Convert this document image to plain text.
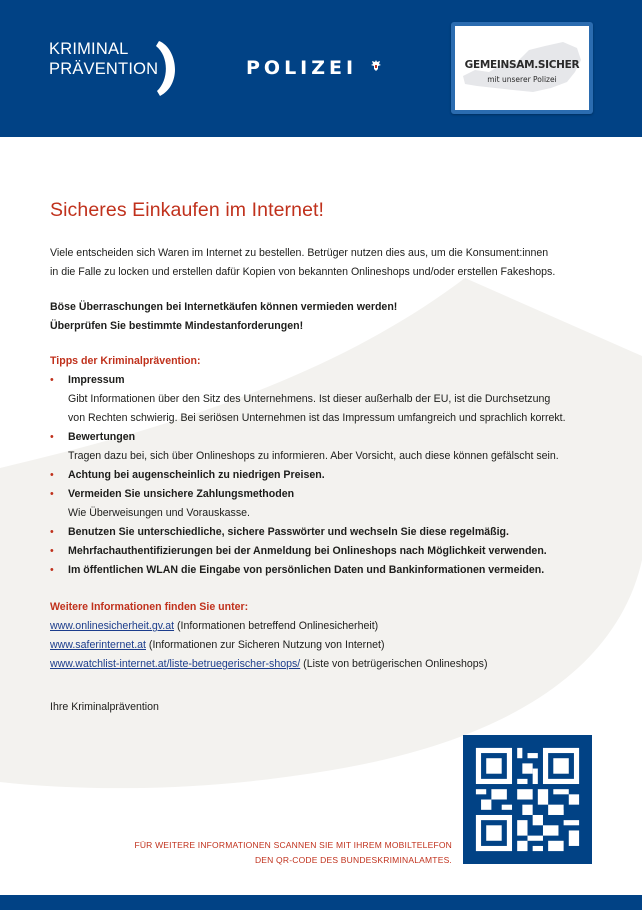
KRIMINAL
PRÄVENTION	POLIZEI	GEMEINSAM.SICHER
mit unserer Polizei
Sicheres Einkaufen im Internet!
Viele entscheiden sich Waren im Internet zu bestellen. Betrüger nutzen dies aus, um die Konsument:innen
in die Falle zu locken und erstellen dafür Kopien von bekannten Onlineshops und/oder erstellen Fakeshops.
Böse Überraschungen bei Internetkäufen können vermieden werden!
Überprüfen Sie bestimmte Mindestanforderungen!
Tipps der Kriminalprävention:
• Impressum
Gibt Informationen über den Sitz des Unternehmens. Ist dieser außerhalb der EU, ist die Durchsetzung
von Rechten schwierig. Bei seriösen Unternehmen ist das Impressum umfangreich und sprachlich korrekt.
• Bewertungen
Tragen dazu bei, sich über Onlineshops zu informieren. Aber Vorsicht, auch diese können gefälscht sein.
• Achtung bei augenscheinlich zu niedrigen Preisen.
• Vermeiden Sie unsichere Zahlungsmethoden
Wie Überweisungen und Vorauskasse.
• Benutzen Sie unterschiedliche, sichere Passwörter und wechseln Sie diese regelmäßig.
• Mehrfachauthentifizierungen bei der Anmeldung bei Onlineshops nach Möglichkeit verwenden.
• Im öffentlichen WLAN die Eingabe von persönlichen Daten und Bankinformationen vermeiden.
Weitere Informationen finden Sie unter:
www.onlinesicherheit.gv.at (Informationen betreffend Onlinesicherheit)
www.saferinternet.at (Informationen zur Sicheren Nutzung von Internet)
www.watchlist-internet.at/liste-betruegerischer-shops/ (Liste von betrügerischen Onlineshops)
Ihre Kriminalprävention
FÜR WEITERE INFORMATIONEN SCANNEN SIE MIT IHREM MOBILTELEFON
DEN QR-CODE DES BUNDESKRIMINALAMTES.
